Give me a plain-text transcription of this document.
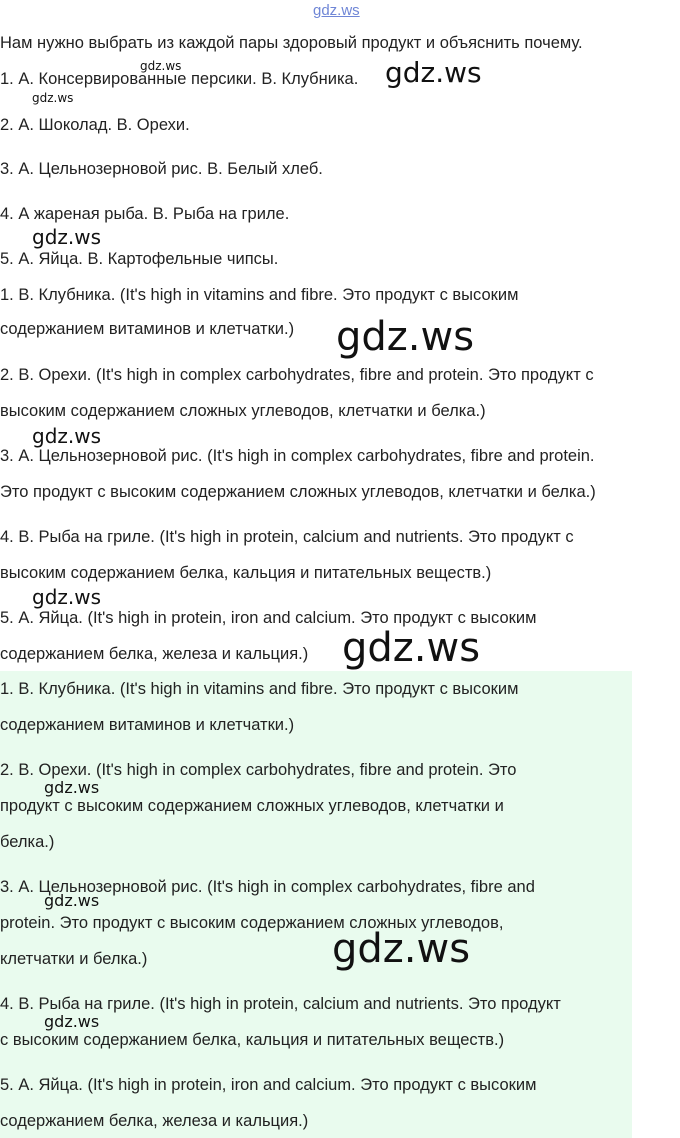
gdz.ws
Нам нужно выбрать из каждой пары здоровый продукт и объяснить почему.
1. А. Консервированные персики. В. Клубника.
2. А. Шоколад. В. Орехи.
3. А. Цельнозерновой рис. В. Белый хлеб.
4. А жареная рыба. В. Рыба на гриле.
5. А. Яйца. В. Картофельные чипсы.
1. В. Клубника. (It's high in vitamins and fibre. Это продукт с высоким
содержанием витаминов и клетчатки.)
2. В. Орехи. (It's high in complex carbohydrates, fibre and protein. Это продукт с
высоким содержанием сложных углеводов, клетчатки и белка.)
3. А. Цельнозерновой рис. (It's high in complex carbohydrates, fibre and protein.
Это продукт с высоким содержанием сложных углеводов, клетчатки и белка.)
4. В. Рыба на гриле. (It's high in protein, calcium and nutrients. Это продукт с
высоким содержанием белка, кальция и питательных веществ.)
5. А. Яйца. (It's high in protein, iron and calcium. Это продукт с высоким
содержанием белка, железа и кальция.)
1. В. Клубника. (It's high in vitamins and fibre. Это продукт с высоким
содержанием витаминов и клетчатки.)
2. В. Орехи. (It's high in complex carbohydrates, fibre and protein. Это
продукт с высоким содержанием сложных углеводов, клетчатки и
белка.)
3. А. Цельнозерновой рис. (It's high in complex carbohydrates, fibre and
protein. Это продукт с высоким содержанием сложных углеводов,
клетчатки и белка.)
4. В. Рыба на гриле. (It's high in protein, calcium and nutrients. Это продукт
с высоким содержанием белка, кальция и питательных веществ.)
5. А. Яйца. (It's high in protein, iron and calcium. Это продукт с высоким
содержанием белка, железа и кальция.)
gdz.ws
gdz.ws
gdz.ws
gdz.ws
gdz.ws
gdz.ws
gdz.ws
gdz.ws
gdz.ws
gdz.ws
gdz.ws
gdz.ws
